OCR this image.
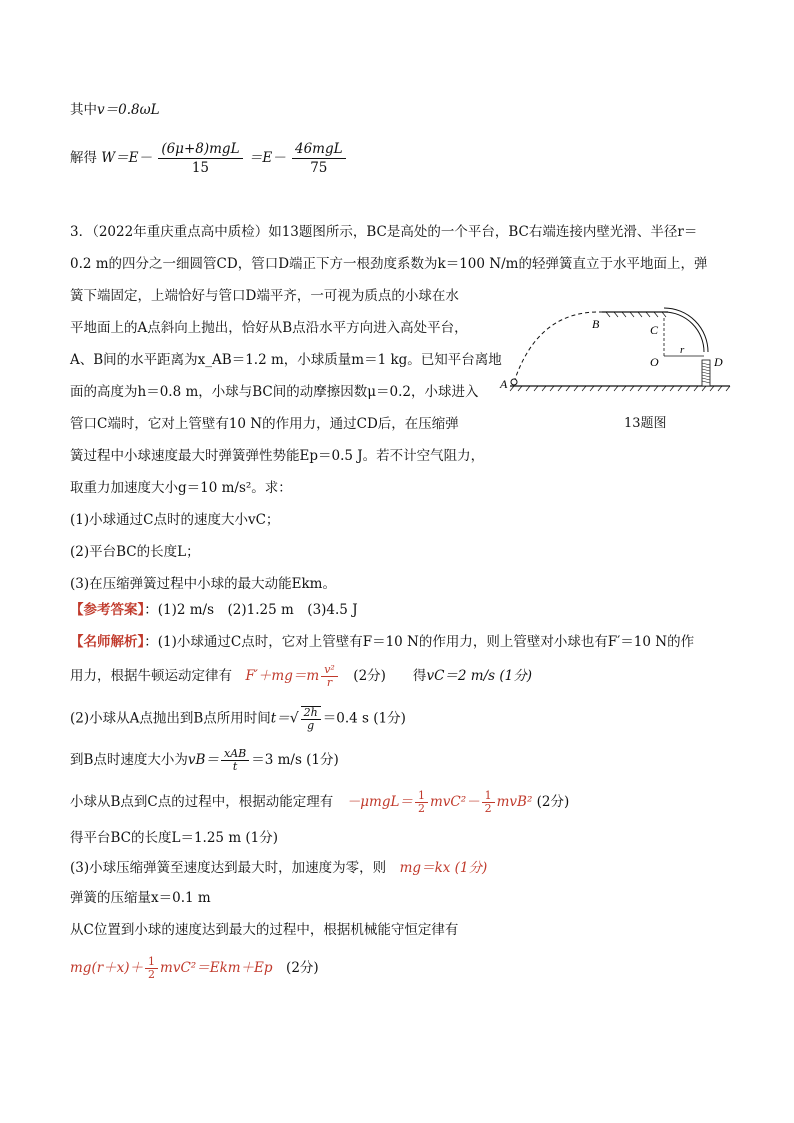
其中v＝0.8ωL
解得 $W=E- \frac{\text{(6μ+8)mgL}}{15} =E- \frac{\text{46mgL}}{75}$
3．（2022年重庆重点高中质检）如13题图所示，BC是高处的一个平台，BC右端连接内壁光滑、半径r＝
0.2 m的四分之一细圆管CD，管口D端正下方一根劲度系数为k＝100 N/m的轻弹簧直立于水平地面上，弹
簧下端固定，上端恰好与管口D端平齐，一可视为质点的小球在水
平地面上的A点斜向上抛出，恰好从B点沿水平方向进入高处平台，
A、B间的水平距离为x_AB＝1.2 m，小球质量m＝1 kg。已知平台离地
面的高度为h＝0.8 m，小球与BC间的动摩擦因数μ＝0.2，小球进入
管口C端时，它对上管壁有10 N的作用力，通过CD后，在压缩弹
簧过程中小球速度最大时弹簧弹性势能Ep＝0.5 J。若不计空气阻力，
取重力加速度大小g＝10 m/s²。求：
(1)小球通过C点时的速度大小vC；
(2)平台BC的长度L；
(3)在压缩弹簧过程中小球的最大动能Ekm。
A
B	C
O
r
D
13题图
【参考答案】：(1)2 m/s　(2)1.25 m　(3)4.5 J
【名师解析】：(1)小球通过C点时，它对上管壁有F＝10 N的作用力，则上管壁对小球也有F′＝10 N的作
用力，根据牛顿运动定律有　$F'+mg=m \frac{\text{v²}}{r}$ 　(2分)　　得vC＝2 m/s (1分)
(2)小球从A点抛出到B点所用时间$t=√ \frac{2h}{g} =0.4$ s (1分)
到B点时速度大小为$vB= \frac{\text{xAB}}{t} =3$ m/s (1分)
小球从B点到C点的过程中，根据动能定理有　$-\mu mgL= \frac{1}{2} mvC^2- \frac{1}{2} mvB^2$ (2分)
得平台BC的长度L＝1.25 m (1分)
(3)小球压缩弹簧至速度达到最大时，加速度为零，则　mg＝kx (1分)
弹簧的压缩量x＝0.1 m
从C位置到小球的速度达到最大的过程中，根据机械能守恒定律有
$mg(r+x)+ \frac{1}{2} mvC^2=Ekm+Ep$　(2分)
